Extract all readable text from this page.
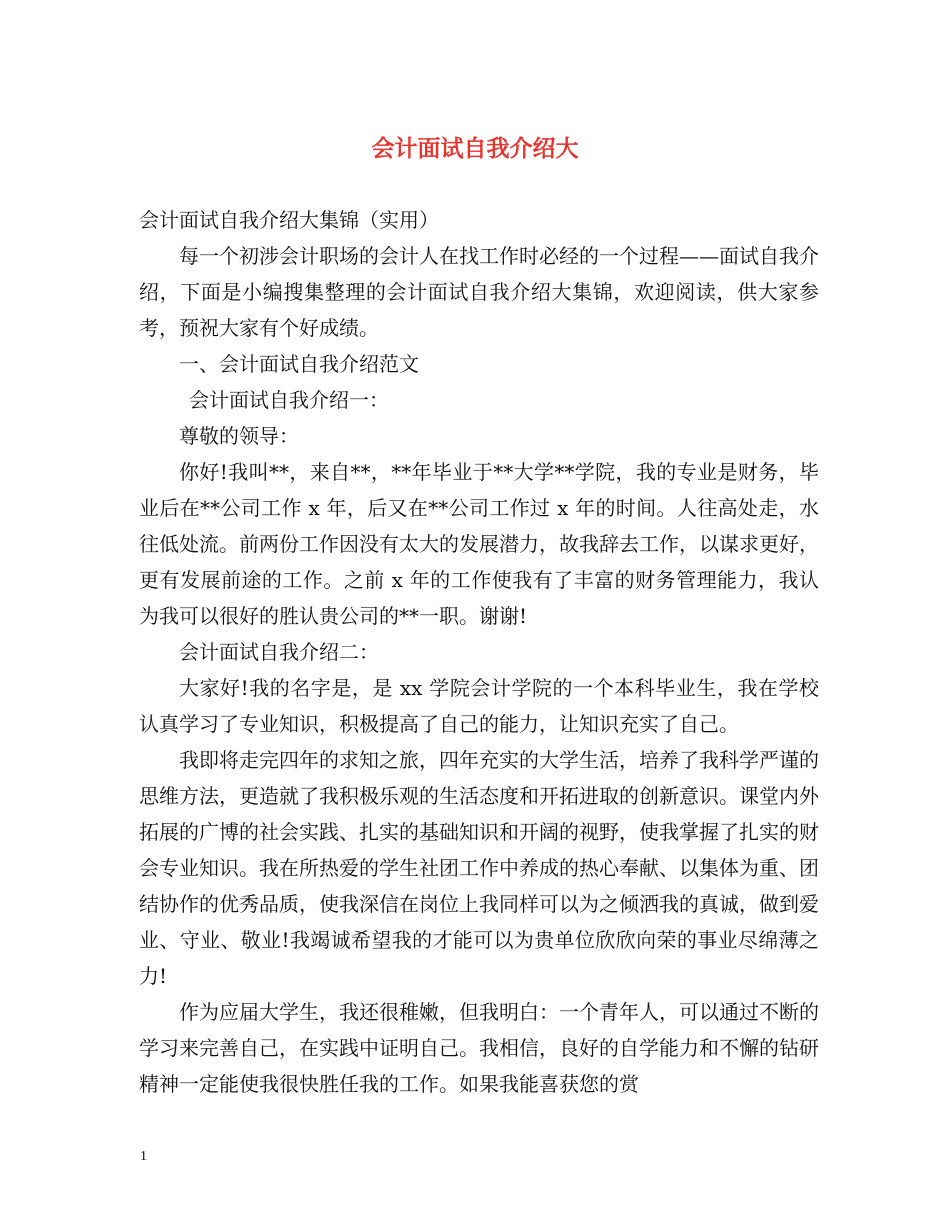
会计面试自我介绍大

会计面试自我介绍大集锦（实用）

每一个初涉会计职场的会计人在找工作时必经的一个过程——面试自我介绍，下面是小编搜集整理的会计面试自我介绍大集锦，欢迎阅读，供大家参考，预祝大家有个好成绩。

一、会计面试自我介绍范文

会计面试自我介绍一：

尊敬的领导：

你好!我叫**，来自**，**年毕业于**大学**学院，我的专业是财务，毕业后在**公司工作 x 年，后又在**公司工作过 x 年的时间。人往高处走，水往低处流。前两份工作因没有太大的发展潜力，故我辞去工作，以谋求更好，更有发展前途的工作。之前 x 年的工作使我有了丰富的财务管理能力，我认为我可以很好的胜认贵公司的**一职。谢谢!

会计面试自我介绍二：

大家好!我的名字是，是 xx 学院会计学院的一个本科毕业生，我在学校认真学习了专业知识，积极提高了自己的能力，让知识充实了自己。

我即将走完四年的求知之旅，四年充实的大学生活，培养了我科学严谨的思维方法，更造就了我积极乐观的生活态度和开拓进取的创新意识。课堂内外拓展的广博的社会实践、扎实的基础知识和开阔的视野，使我掌握了扎实的财会专业知识。我在所热爱的学生社团工作中养成的热心奉献、以集体为重、团结协作的优秀品质，使我深信在岗位上我同样可以为之倾洒我的真诚，做到爱业、守业、敬业!我竭诚希望我的才能可以为贵单位欣欣向荣的事业尽绵薄之力!

作为应届大学生，我还很稚嫩，但我明白：一个青年人，可以通过不断的学习来完善自己，在实践中证明自己。我相信，良好的自学能力和不懈的钻研精神一定能使我很快胜任我的工作。如果我能喜获您的赏

1
